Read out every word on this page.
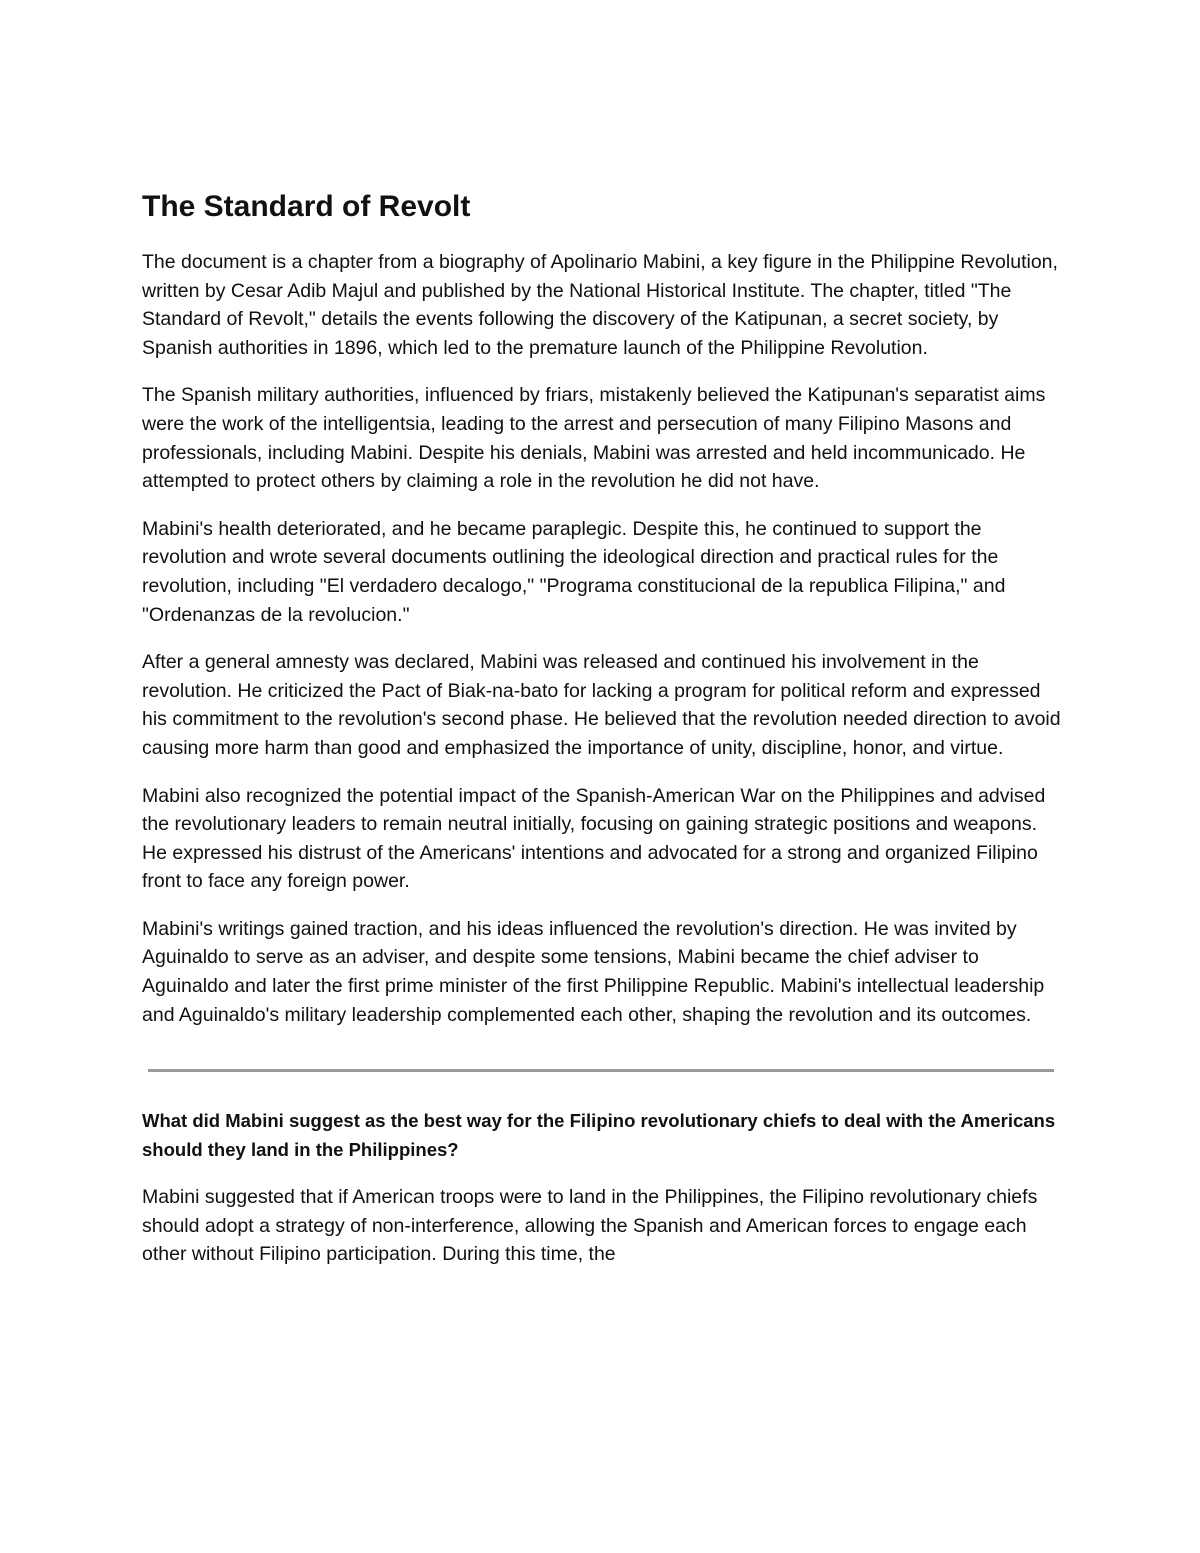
The Standard of Revolt

The document is a chapter from a biography of Apolinario Mabini, a key figure in the Philippine Revolution, written by Cesar Adib Majul and published by the National Historical Institute. The chapter, titled "The Standard of Revolt," details the events following the discovery of the Katipunan, a secret society, by Spanish authorities in 1896, which led to the premature launch of the Philippine Revolution.

The Spanish military authorities, influenced by friars, mistakenly believed the Katipunan's separatist aims were the work of the intelligentsia, leading to the arrest and persecution of many Filipino Masons and professionals, including Mabini. Despite his denials, Mabini was arrested and held incommunicado. He attempted to protect others by claiming a role in the revolution he did not have.

Mabini's health deteriorated, and he became paraplegic. Despite this, he continued to support the revolution and wrote several documents outlining the ideological direction and practical rules for the revolution, including "El verdadero decalogo," "Programa constitucional de la republica Filipina," and "Ordenanzas de la revolucion."

After a general amnesty was declared, Mabini was released and continued his involvement in the revolution. He criticized the Pact of Biak-na-bato for lacking a program for political reform and expressed his commitment to the revolution's second phase. He believed that the revolution needed direction to avoid causing more harm than good and emphasized the importance of unity, discipline, honor, and virtue.

Mabini also recognized the potential impact of the Spanish-American War on the Philippines and advised the revolutionary leaders to remain neutral initially, focusing on gaining strategic positions and weapons. He expressed his distrust of the Americans' intentions and advocated for a strong and organized Filipino front to face any foreign power.

Mabini's writings gained traction, and his ideas influenced the revolution's direction. He was invited by Aguinaldo to serve as an adviser, and despite some tensions, Mabini became the chief adviser to Aguinaldo and later the first prime minister of the first Philippine Republic. Mabini's intellectual leadership and Aguinaldo's military leadership complemented each other, shaping the revolution and its outcomes.

What did Mabini suggest as the best way for the Filipino revolutionary chiefs to deal with the Americans should they land in the Philippines?

Mabini suggested that if American troops were to land in the Philippines, the Filipino revolutionary chiefs should adopt a strategy of non-interference, allowing the Spanish and American forces to engage each other without Filipino participation. During this time, the
